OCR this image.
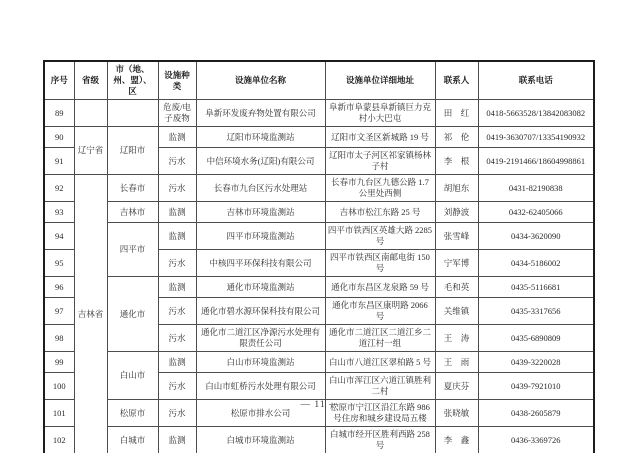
序号	省级	市（地、州、盟）、区	设施种类	设施单位名称	设施单位详细地址	联系人	联系电话
89			危废/电子废物	阜新环发废弃物处置有限公司	阜新市阜蒙县阜新镇巨力克村小大巴屯	田　红	0418-5663528/13842083082
90	辽宁省	辽阳市	监测	辽阳市环境监测站	辽阳市文圣区新城路 19 号	祁　伦	0419-3630707/13354190932
91			污水	中信环境水务(辽阳)有限公司	辽阳市太子河区祁家镇杨林子村	李　根	0419-2191466/18604998861
92	吉林省	长春市	污水	长春市九台区污水处理站	长春市九台区九德公路 1.7 公里处西侧	胡旭东	0431-82190838
93		吉林市	监测	吉林市环境监测站	吉林市松江东路 25 号	刘静波	0432-62405066
94		四平市	监测	四平市环境监测站	四平市铁西区英雄大路 2285 号	张雪峰	0434-3620090
95			污水	中核四平环保科技有限公司	四平市铁西区南邮电街 150 号	宁军博	0434-5186002
96		通化市	监测	通化市环境监测站	通化市东昌区龙泉路 59 号	毛和英	0435-5116681
97			污水	通化市碧水源环保科技有限公司	通化市东昌区康明路 2066 号	关维镇	0435-3317656
98			污水	通化市二道江区净源污水处理有限责任公司	通化市二道江区二道江乡二道江村一组	王　涛	0435-6890809
99		白山市	监测	白山市环境监测站	白山市八道江区翠柏路 5 号	王　雨	0439-3220028
100			污水	白山市虹桥污水处理有限公司	白山市浑江区六道江镇胜利二村	夏庆芬	0439-7921010
101		松原市	污水	松原市排水公司	松原市宁江区沿江东路 986 号住房和城乡建设局五楼	张晓敏	0438-2605879
102		白城市	监测	白城市环境监测站	白城市经开区胜利西路 258 号	李　鑫	0436-3369726
— 11 —
